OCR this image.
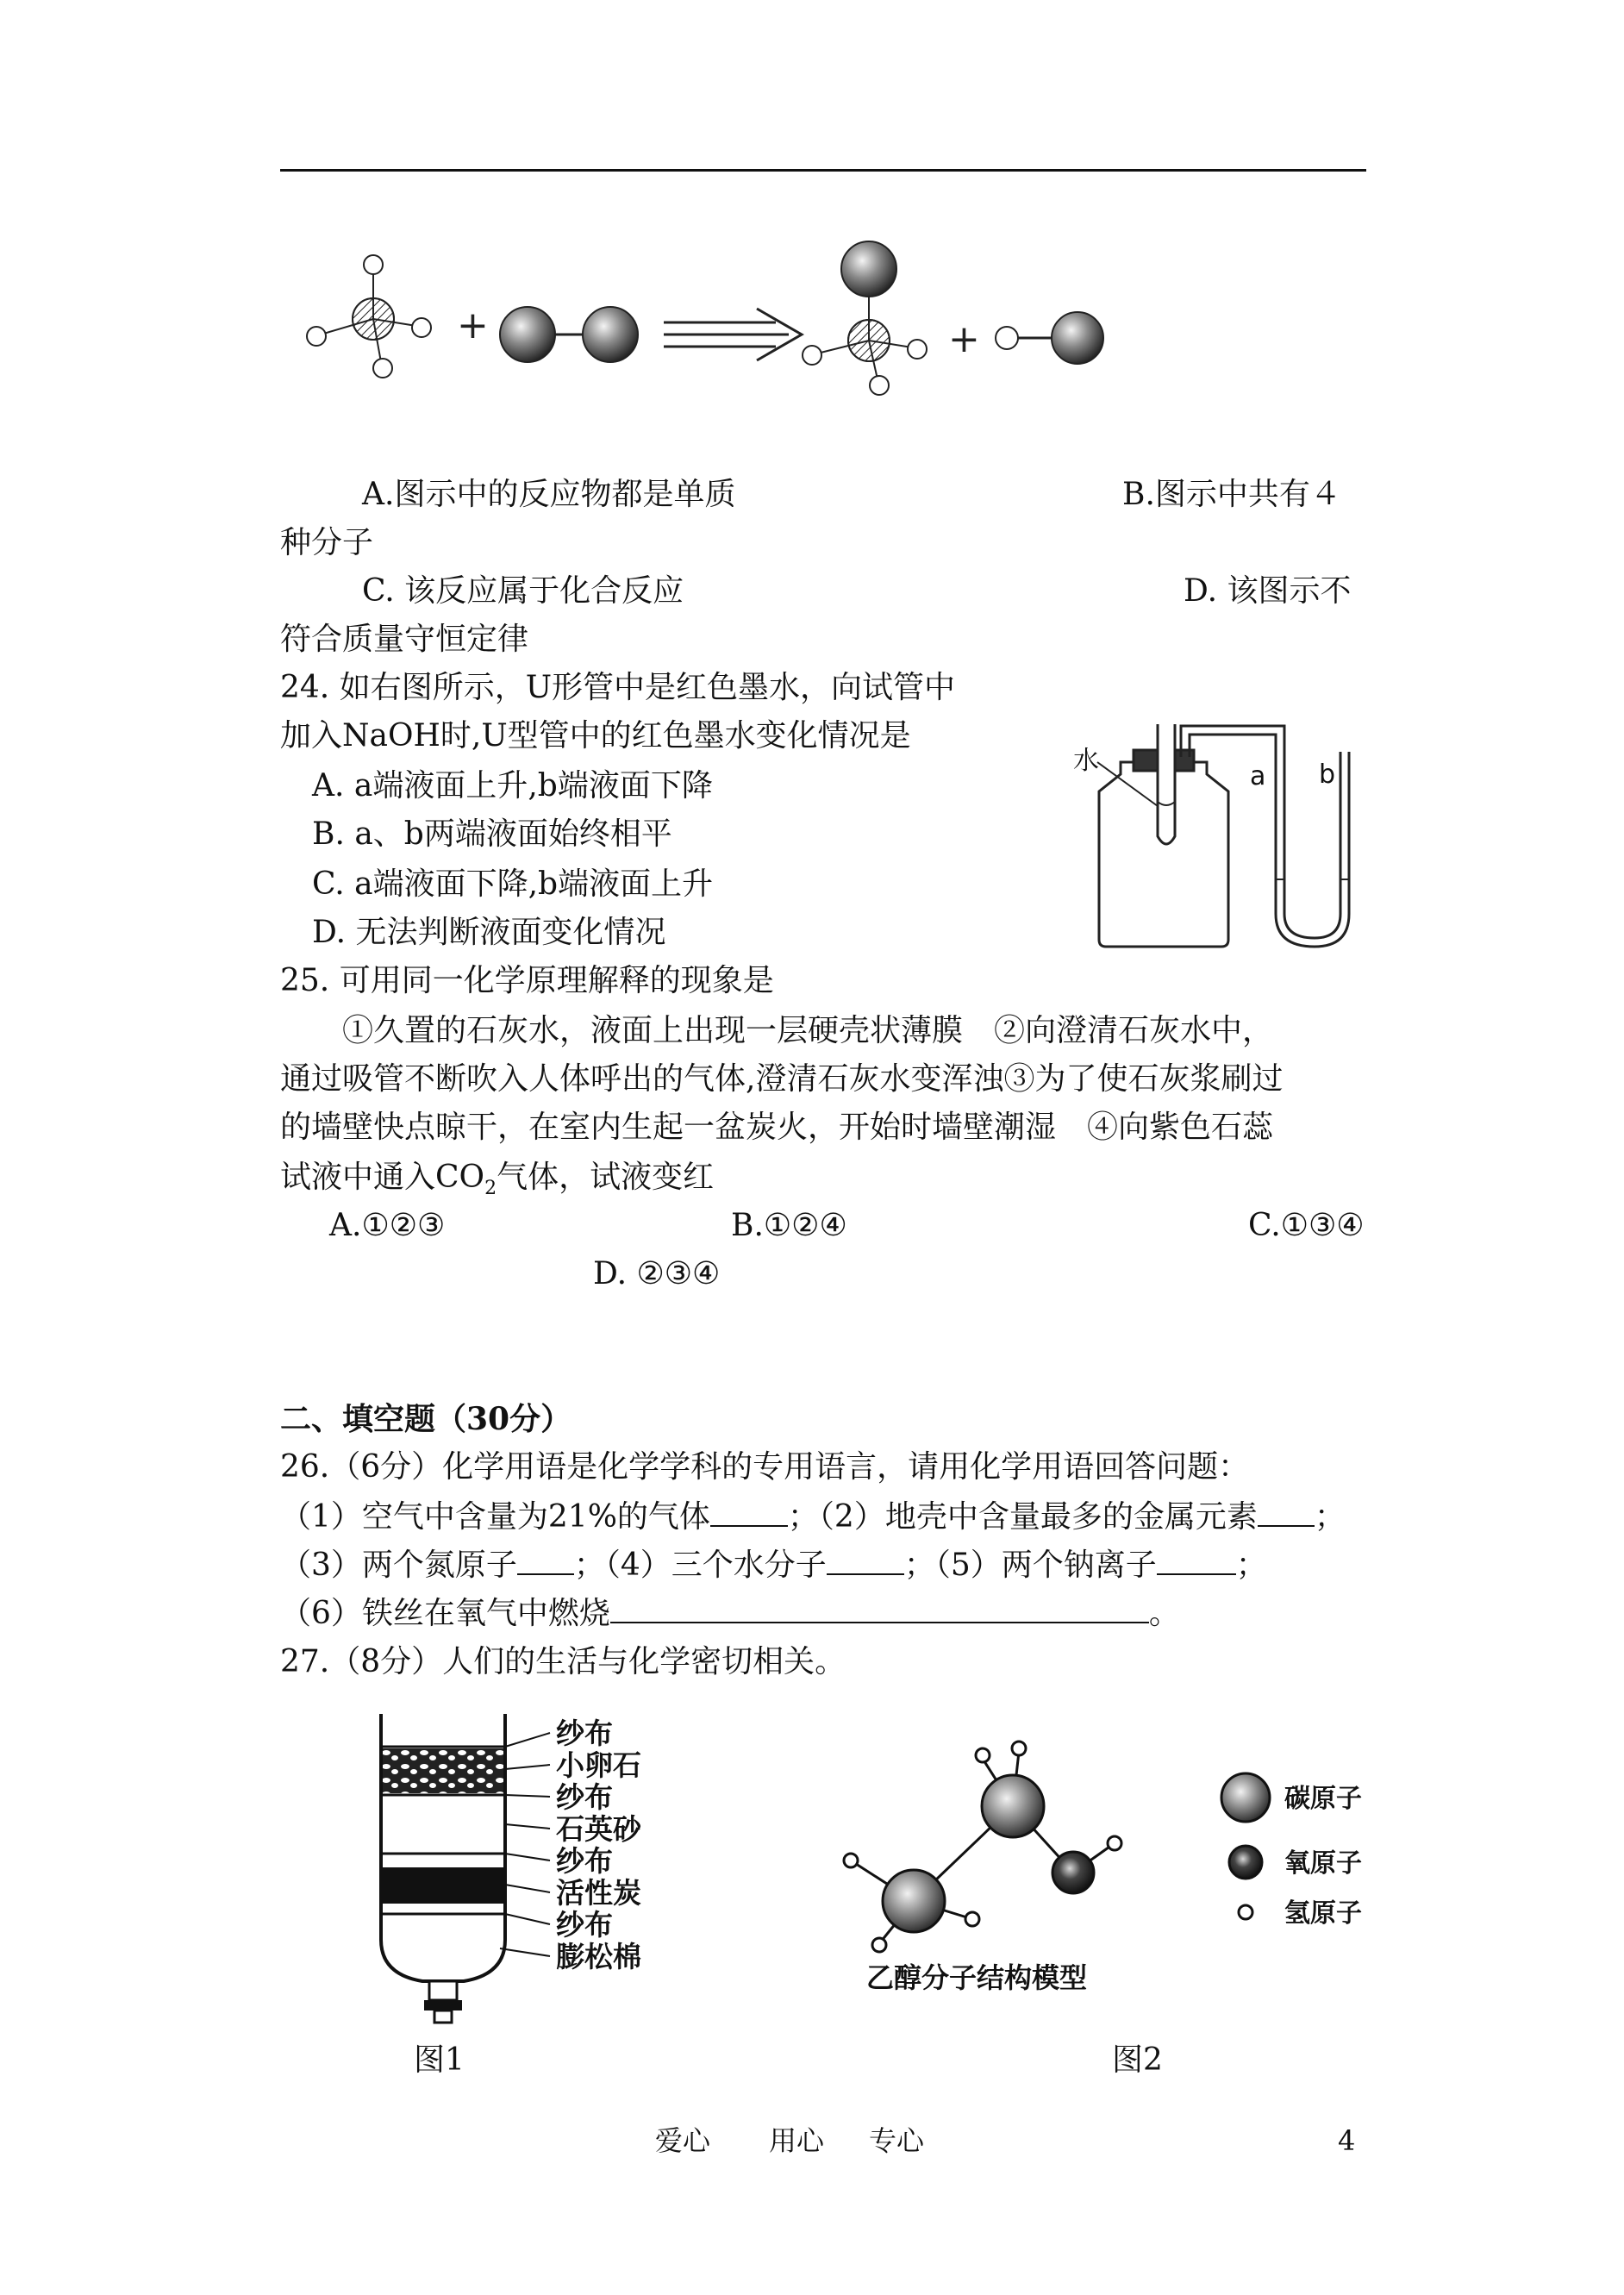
+	+
A.图示中的反应物都是单质	B.图示中共有４
种分子
C. 该反应属于化合反应	D. 该图示不
符合质量守恒定律
24. 如右图所示，U形管中是红色墨水，向试管中
加入NaOH时,U型管中的红色墨水变化情况是
A. a端液面上升,b端液面下降
B. a、b两端液面始终相平
C. a端液面下降,b端液面上升
D. 无法判断液面变化情况
水
a b
25. 可用同一化学原理解释的现象是
①久置的石灰水，液面上出现一层硬壳状薄膜　②向澄清石灰水中，
通过吸管不断吹入人体呼出的气体,澄清石灰水变浑浊③为了使石灰浆刷过
的墙壁快点晾干，在室内生起一盆炭火，开始时墙壁潮湿　④向紫色石蕊
试液中通入$CO_2$气体，试液变红
A.①②③	B.①②④	C.①③④
D. ②③④
二、填空题（30分）
26.（6分）化学用语是化学学科的专用语言，请用化学用语回答问题：
（1）空气中含量为21%的气体	；（2）地壳中含量最多的金属元素 ；
（3）两个氮原子 ；（4）三个水分子	；（5）两个钠离子	；
（6）铁丝在氧气中燃烧	。
27.（8分）人们的生活与化学密切相关。
纱布
小卵石
纱布
石英砂
纱布
活性炭
纱布
膨松棉
乙醇分子结构模型
碳原子
氧原子
氢原子
图1	图2
爱心 用心 专心	4
